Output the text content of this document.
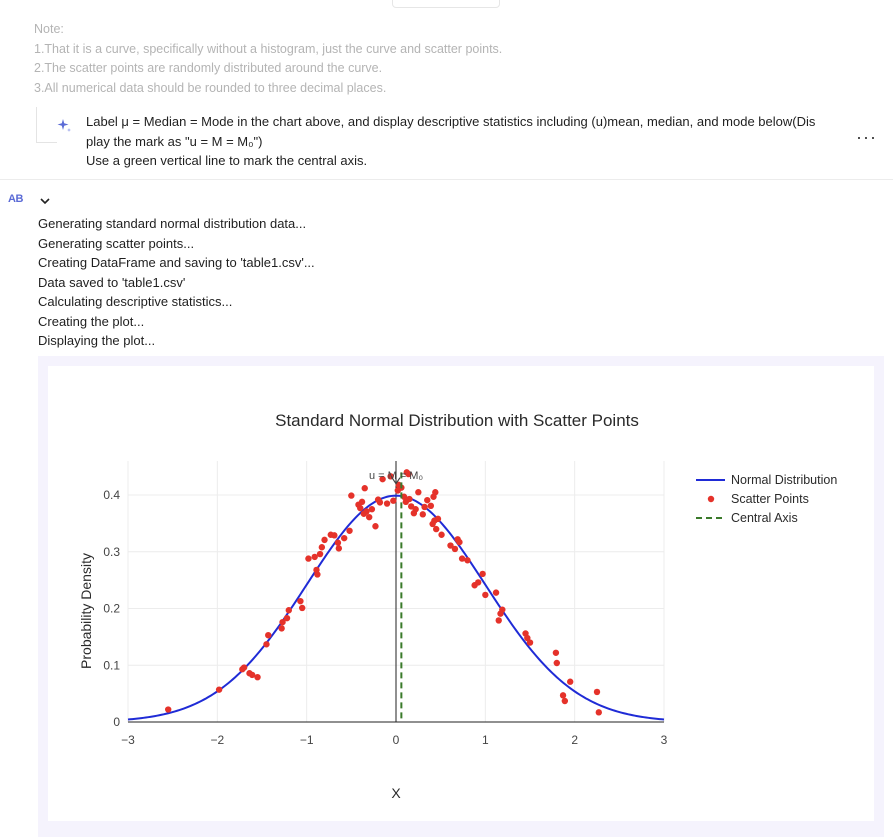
Note:
1.That it is a curve, specifically without a histogram, just the curve and scatter points.
2.The scatter points are randomly distributed around the curve.
3.All numerical data should be rounded to three decimal places.
Label μ = Median = Mode in the chart above, and display descriptive statistics including (u)mean, median, and mode below(Dis
play the mark as "u = M = M₀")
Use a green vertical line to mark the central axis.
···
AB
Generating standard normal distribution data...
Generating scatter points...
Creating DataFrame and saving to 'table1.csv'...
Data saved to 'table1.csv'
Calculating descriptive statistics...
Creating the plot...
Displaying the plot...
Standard Normal Distribution with Scatter Points
0
0.1
0.2
0.3
0.4
−3	−2	−1	0	1	2	3
u = M = M₀
X
Probability Density
Normal Distribution
Scatter Points
Central Axis
